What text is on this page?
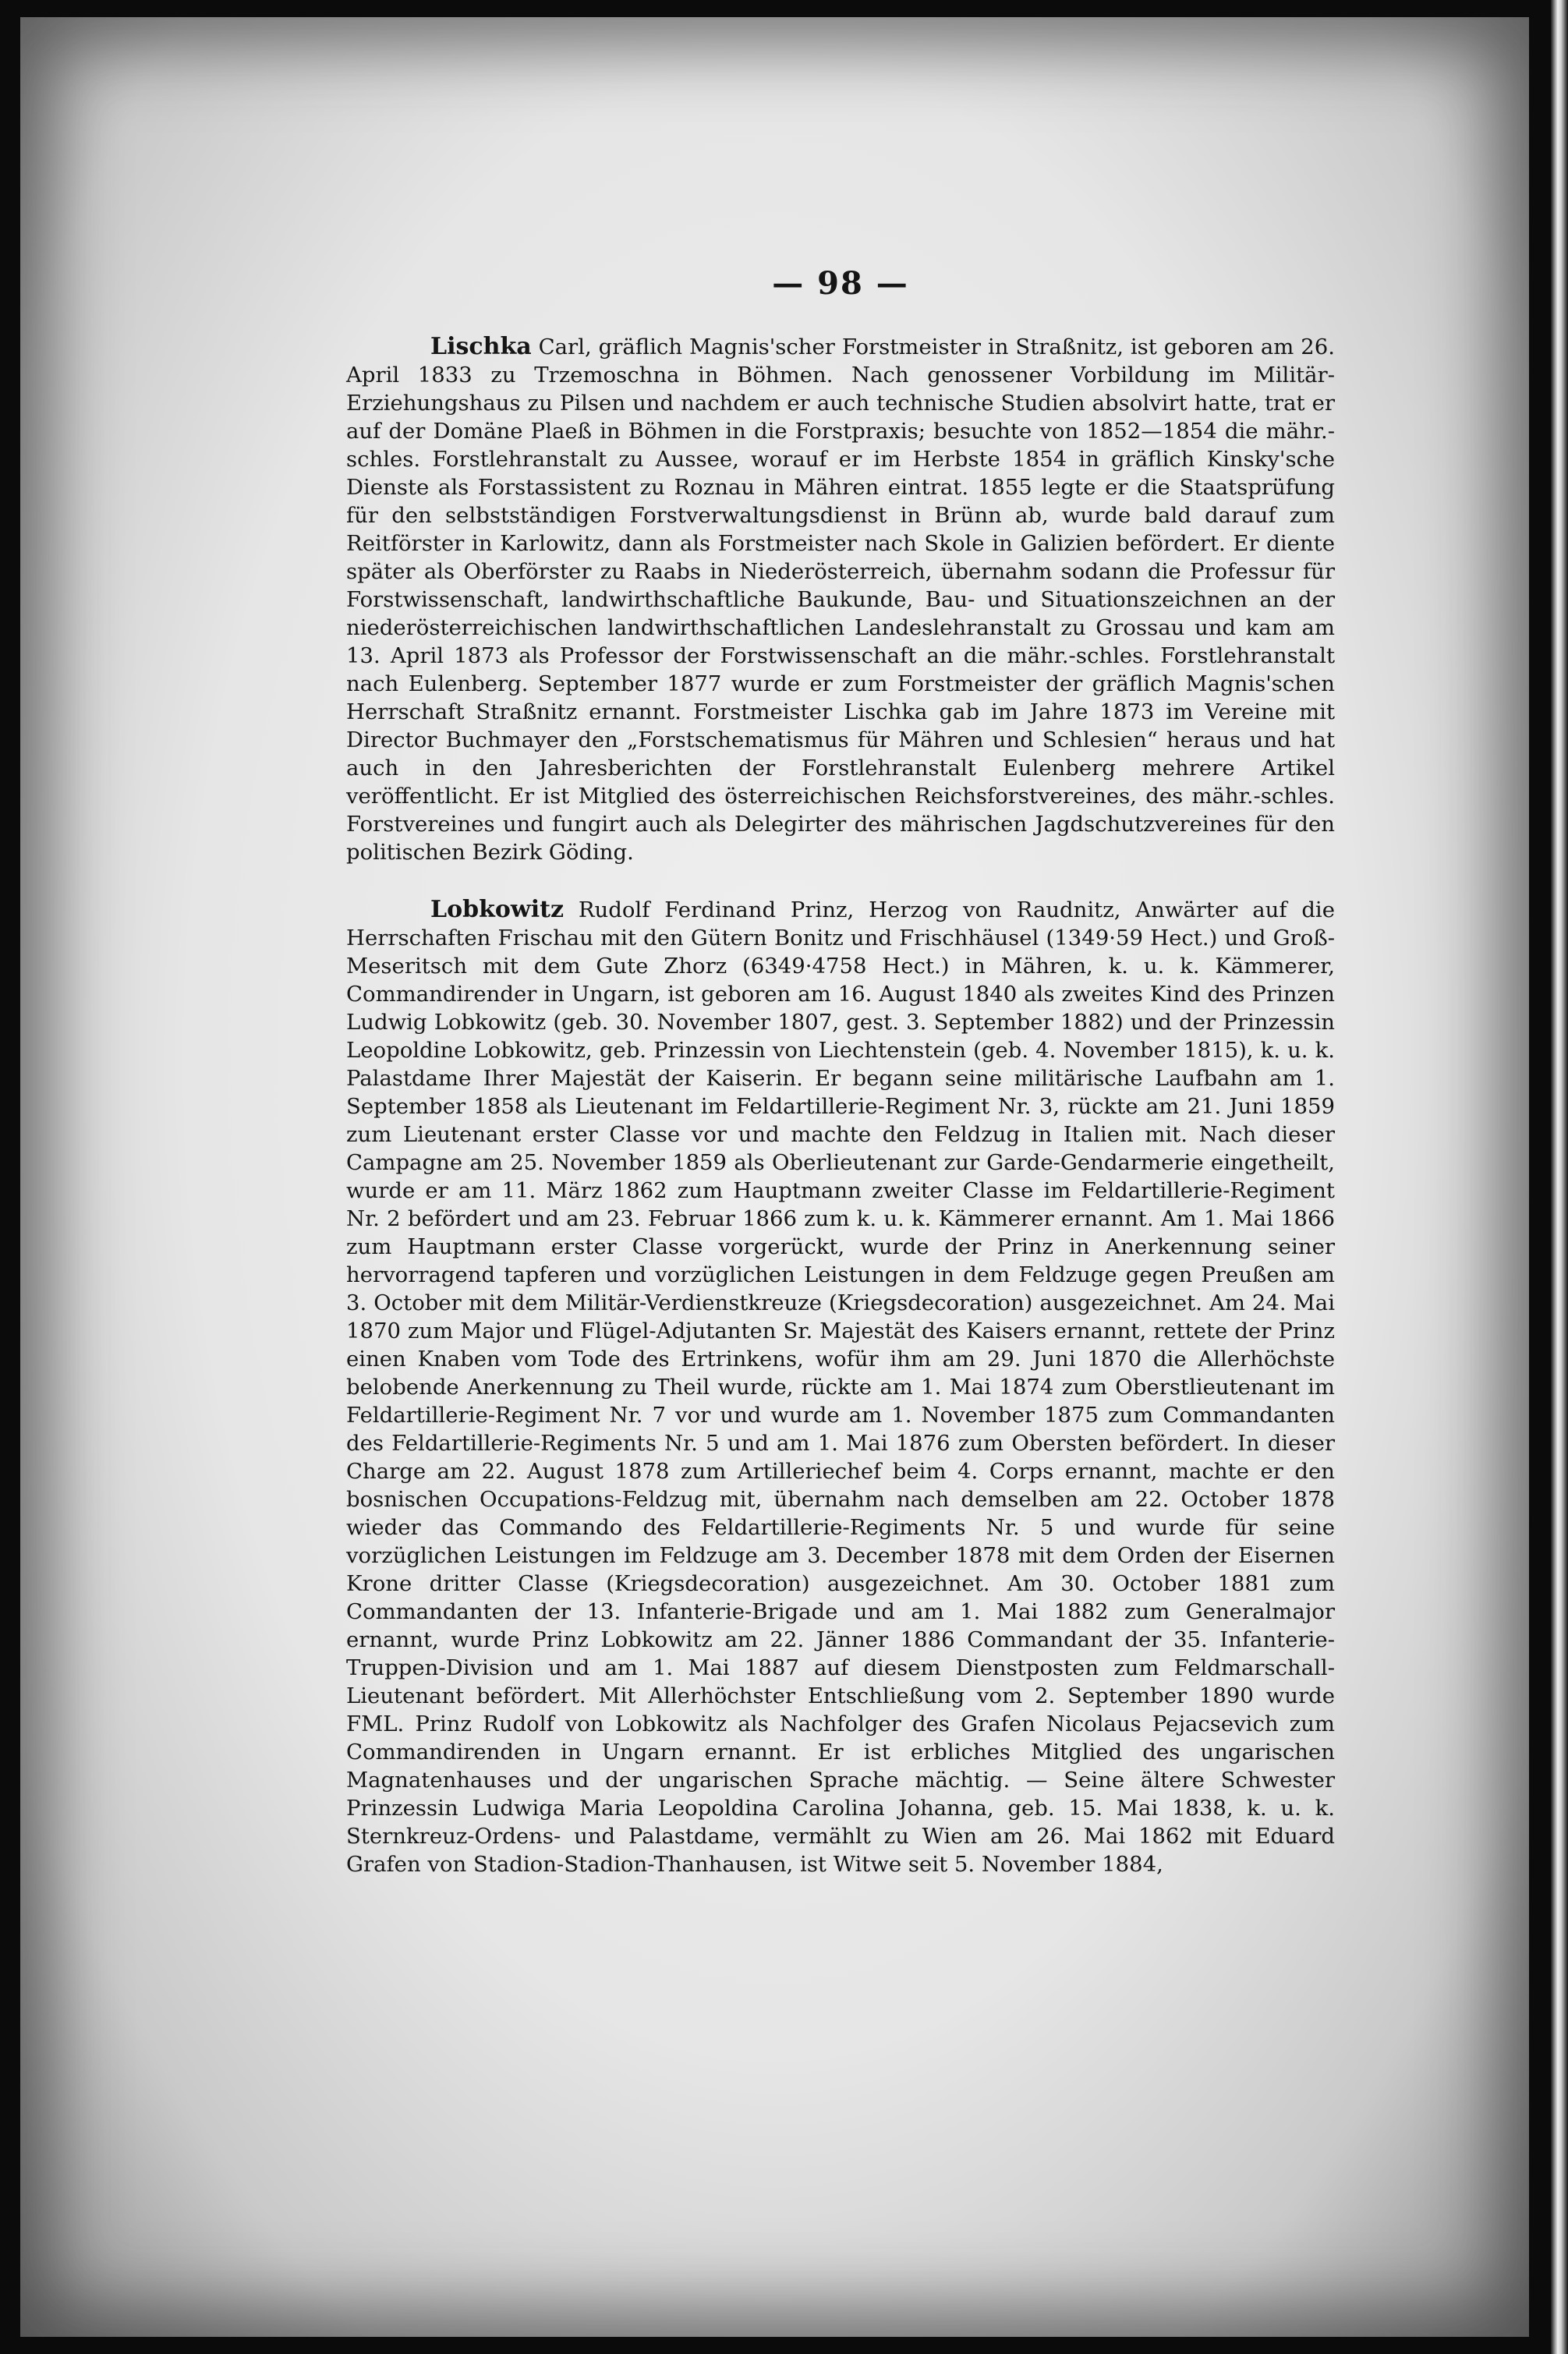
— 98 —

Lischka Carl, gräflich Magnis'scher Forstmeister in Straßnitz, ist geboren am 26. April 1833 zu Trzemoschna in Böhmen. Nach genossener Vorbildung im Militär-Erziehungshaus zu Pilsen und nachdem er auch technische Studien absolvirt hatte, trat er auf der Domäne Plaeß in Böhmen in die Forstpraxis; besuchte von 1852—1854 die mähr.-schles. Forstlehranstalt zu Aussee, worauf er im Herbste 1854 in gräflich Kinsky'sche Dienste als Forstassistent zu Roznau in Mähren eintrat. 1855 legte er die Staatsprüfung für den selbstständigen Forstverwaltungsdienst in Brünn ab, wurde bald darauf zum Reitförster in Karlowitz, dann als Forstmeister nach Skole in Galizien befördert. Er diente später als Oberförster zu Raabs in Niederösterreich, übernahm sodann die Professur für Forstwissenschaft, landwirthschaftliche Baukunde, Bau- und Situationszeichnen an der niederösterreichischen landwirthschaftlichen Landeslehranstalt zu Grossau und kam am 13. April 1873 als Professor der Forstwissenschaft an die mähr.-schles. Forstlehranstalt nach Eulenberg. September 1877 wurde er zum Forstmeister der gräflich Magnis'schen Herrschaft Straßnitz ernannt. Forstmeister Lischka gab im Jahre 1873 im Vereine mit Director Buchmayer den „Forstschematismus für Mähren und Schlesien“ heraus und hat auch in den Jahresberichten der Forstlehranstalt Eulenberg mehrere Artikel veröffentlicht. Er ist Mitglied des österreichischen Reichsforstvereines, des mähr.-schles. Forstvereines und fungirt auch als Delegirter des mährischen Jagdschutzvereines für den politischen Bezirk Göding.

Lobkowitz Rudolf Ferdinand Prinz, Herzog von Raudnitz, Anwärter auf die Herrschaften Frischau mit den Gütern Bonitz und Frischhäusel (1349·59 Hect.) und Groß-Meseritsch mit dem Gute Zhorz (6349·4758 Hect.) in Mähren, k. u. k. Kämmerer, Commandirender in Ungarn, ist geboren am 16. August 1840 als zweites Kind des Prinzen Ludwig Lobkowitz (geb. 30. November 1807, gest. 3. September 1882) und der Prinzessin Leopoldine Lobkowitz, geb. Prinzessin von Liechtenstein (geb. 4. November 1815), k. u. k. Palastdame Ihrer Majestät der Kaiserin. Er begann seine militärische Laufbahn am 1. September 1858 als Lieutenant im Feldartillerie-Regiment Nr. 3, rückte am 21. Juni 1859 zum Lieutenant erster Classe vor und machte den Feldzug in Italien mit. Nach dieser Campagne am 25. November 1859 als Oberlieutenant zur Garde-Gendarmerie eingetheilt, wurde er am 11. März 1862 zum Hauptmann zweiter Classe im Feldartillerie-Regiment Nr. 2 befördert und am 23. Februar 1866 zum k. u. k. Kämmerer ernannt. Am 1. Mai 1866 zum Hauptmann erster Classe vorgerückt, wurde der Prinz in Anerkennung seiner hervorragend tapferen und vorzüglichen Leistungen in dem Feldzuge gegen Preußen am 3. October mit dem Militär-Verdienstkreuze (Kriegsdecoration) ausgezeichnet. Am 24. Mai 1870 zum Major und Flügel-Adjutanten Sr. Majestät des Kaisers ernannt, rettete der Prinz einen Knaben vom Tode des Ertrinkens, wofür ihm am 29. Juni 1870 die Allerhöchste belobende Anerkennung zu Theil wurde, rückte am 1. Mai 1874 zum Oberstlieutenant im Feldartillerie-Regiment Nr. 7 vor und wurde am 1. November 1875 zum Commandanten des Feldartillerie-Regiments Nr. 5 und am 1. Mai 1876 zum Obersten befördert. In dieser Charge am 22. August 1878 zum Artilleriechef beim 4. Corps ernannt, machte er den bosnischen Occupations-Feldzug mit, übernahm nach demselben am 22. October 1878 wieder das Commando des Feldartillerie-Regiments Nr. 5 und wurde für seine vorzüglichen Leistungen im Feldzuge am 3. December 1878 mit dem Orden der Eisernen Krone dritter Classe (Kriegsdecoration) ausgezeichnet. Am 30. October 1881 zum Commandanten der 13. Infanterie-Brigade und am 1. Mai 1882 zum Generalmajor ernannt, wurde Prinz Lobkowitz am 22. Jänner 1886 Commandant der 35. Infanterie-Truppen-Division und am 1. Mai 1887 auf diesem Dienstposten zum Feldmarschall-Lieutenant befördert. Mit Allerhöchster Entschließung vom 2. September 1890 wurde FML. Prinz Rudolf von Lobkowitz als Nachfolger des Grafen Nicolaus Pejacsevich zum Commandirenden in Ungarn ernannt. Er ist erbliches Mitglied des ungarischen Magnatenhauses und der ungarischen Sprache mächtig. — Seine ältere Schwester Prinzessin Ludwiga Maria Leopoldina Carolina Johanna, geb. 15. Mai 1838, k. u. k. Sternkreuz-Ordens- und Palastdame, vermählt zu Wien am 26. Mai 1862 mit Eduard Grafen von Stadion-Stadion-Thanhausen, ist Witwe seit 5. November 1884,
